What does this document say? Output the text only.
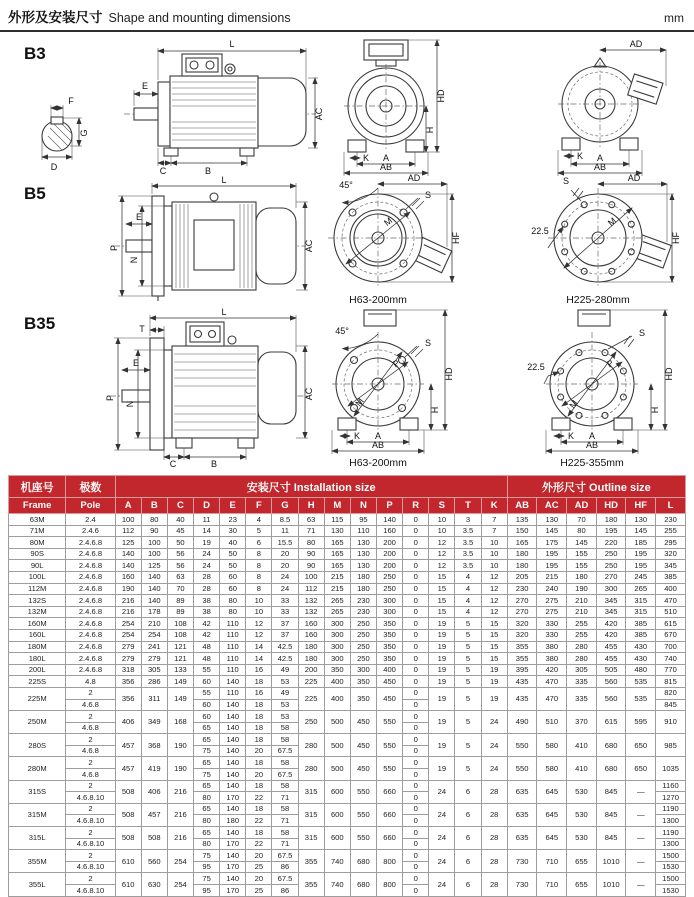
外形及安装尺寸 Shape and mounting dimensions	mm
B3
F
G
D
L
E
AC
C	B
HD
H
K A
AB
AD
K A
AB
B5
L
E
P
N
AC
M
45°
S
AD
HF
H63-200mm
M
22.5
S	AD
HF
H225-280mm
B35
L
T
E
P
N
AC
C	B
45°
S
P
M
HD
H
K A
AB
H63-200mm
22.5
S
P
M
HD
H
K A
AB
H225-355mm
机座号	极数	安装尺寸 Installation size															外形尺寸 Outline size					
Frame	Pole	A	B	C	D	E	F	G	H	M	N	P	R	S	T	K	AB	AC	AD	HD	HF	L
63M	2.4	100	80	40	11	23	4	8.5	63	115	95	140	0	10	3	7	135	130	70	180	130	230
71M	2.4.6	112	90	45	14	30	5	11	71	130	110	160	0	10	3.5	7	150	145	80	195	145	255
80M	2.4.6.8	125	100	50	19	40	6	15.5	80	165	130	200	0	12	3.5	10	165	175	145	220	185	295
90S	2.4.6.8	140	100	56	24	50	8	20	90	165	130	200	0	12	3.5	10	180	195	155	250	195	320
90L	2.4.6.8	140	125	56	24	50	8	20	90	165	130	200	0	12	3.5	10	180	195	155	250	195	345
100L	2.4.6.8	160	140	63	28	60	8	24	100	215	180	250	0	15	4	12	205	215	180	270	245	385
112M	2.4.6.8	190	140	70	28	60	8	24	112	215	180	250	0	15	4	12	230	240	190	300	265	400
132S	2.4.6.8	216	140	89	38	80	10	33	132	265	230	300	0	15	4	12	270	275	210	345	315	470
132M	2.4.6.8	216	178	89	38	80	10	33	132	265	230	300	0	15	4	12	270	275	210	345	315	510
160M	2.4.6.8	254	210	108	42	110	12	37	160	300	250	350	0	19	5	15	320	330	255	420	385	615
160L	2.4.6.8	254	254	108	42	110	12	37	160	300	250	350	0	19	5	15	320	330	255	420	385	670
180M	2.4.6.8	279	241	121	48	110	14	42.5	180	300	250	350	0	19	5	15	355	380	280	455	430	700
180L	2.4.6.8	279	279	121	48	110	14	42.5	180	300	250	350	0	19	5	15	355	380	280	455	430	740
200L	2.4.6.8	318	305	133	55	110	16	49	200	350	300	400	0	19	5	19	395	420	305	505	480	770
225S	4.8	356	286	149	60	140	18	53	225	400	350	450	0	19	5	19	435	470	335	560	535	815
225M	2	356	311	149	55	110	16	49	225	400	350	450	0	19	5	19	435	470	335	560	535	820
	4.6.8				60	140	18	53					0									845
250M	2	406	349	168	60	140	18	53	250	500	450	550	0	19	5	24	490	510	370	615	595	910
	4.6.8				65	140	18	58					0									
280S	2	457	368	190	65	140	18	58	280	500	450	550	0	19	5	24	550	580	410	680	650	985
	4.6.8				75	140	20	67.5					0									
280M	2	457	419	190	65	140	18	58	280	500	450	550	0	19	5	24	550	580	410	680	650	1035
	4.6.8				75	140	20	67.5					0									
315S	2	508	406	216	65	140	18	58	315	600	550	660	0	24	6	28	635	645	530	845	—	1160
	4.6.8.10				80	170	22	71					0									1270
315M	2	508	457	216	65	140	18	58	315	600	550	660	0	24	6	28	635	645	530	845	—	1190
	4.6.8.10				80	180	22	71					0									1300
315L	2	508	508	216	65	140	18	58	315	600	550	660	0	24	6	28	635	645	530	845	—	1190
	4.6.8.10				80	170	22	71					0									1300
355M	2	610	560	254	75	140	20	67.5	355	740	680	800	0	24	6	28	730	710	655	1010	—	1500
	4.6.8.10				95	170	25	86					0									1530
355L	2	610	630	254	75	140	20	67.5	355	740	680	800	0	24	6	28	730	710	655	1010	—	1500
	4.6.8.10				95	170	25	86					0									1530
